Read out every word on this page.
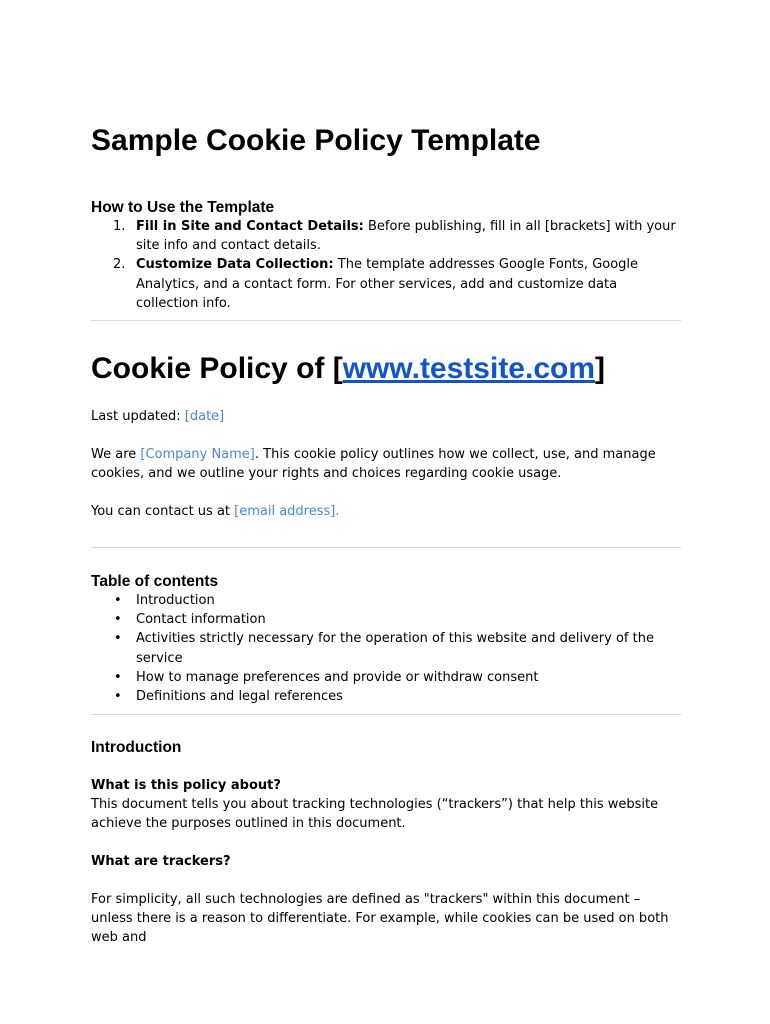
Sample Cookie Policy Template
How to Use the Template
1. Fill in Site and Contact Details: Before publishing, fill in all [brackets] with your site info and contact details.
2. Customize Data Collection: The template addresses Google Fonts, Google Analytics, and a contact form. For other services, add and customize data collection info.
Cookie Policy of [www.testsite.com]

Last updated: [date]

We are [Company Name]. This cookie policy outlines how we collect, use, and manage cookies, and we outline your rights and choices regarding cookie usage.

You can contact us at [email address].

Table of contents
• Introduction
• Contact information
• Activities strictly necessary for the operation of this website and delivery of the service
• How to manage preferences and provide or withdraw consent
• Definitions and legal references
Introduction

What is this policy about?

This document tells you about tracking technologies (“trackers”) that help this website achieve the purposes outlined in this document.

What are trackers?

For simplicity, all such technologies are defined as "trackers" within this document – unless there is a reason to differentiate. For example, while cookies can be used on both web and
